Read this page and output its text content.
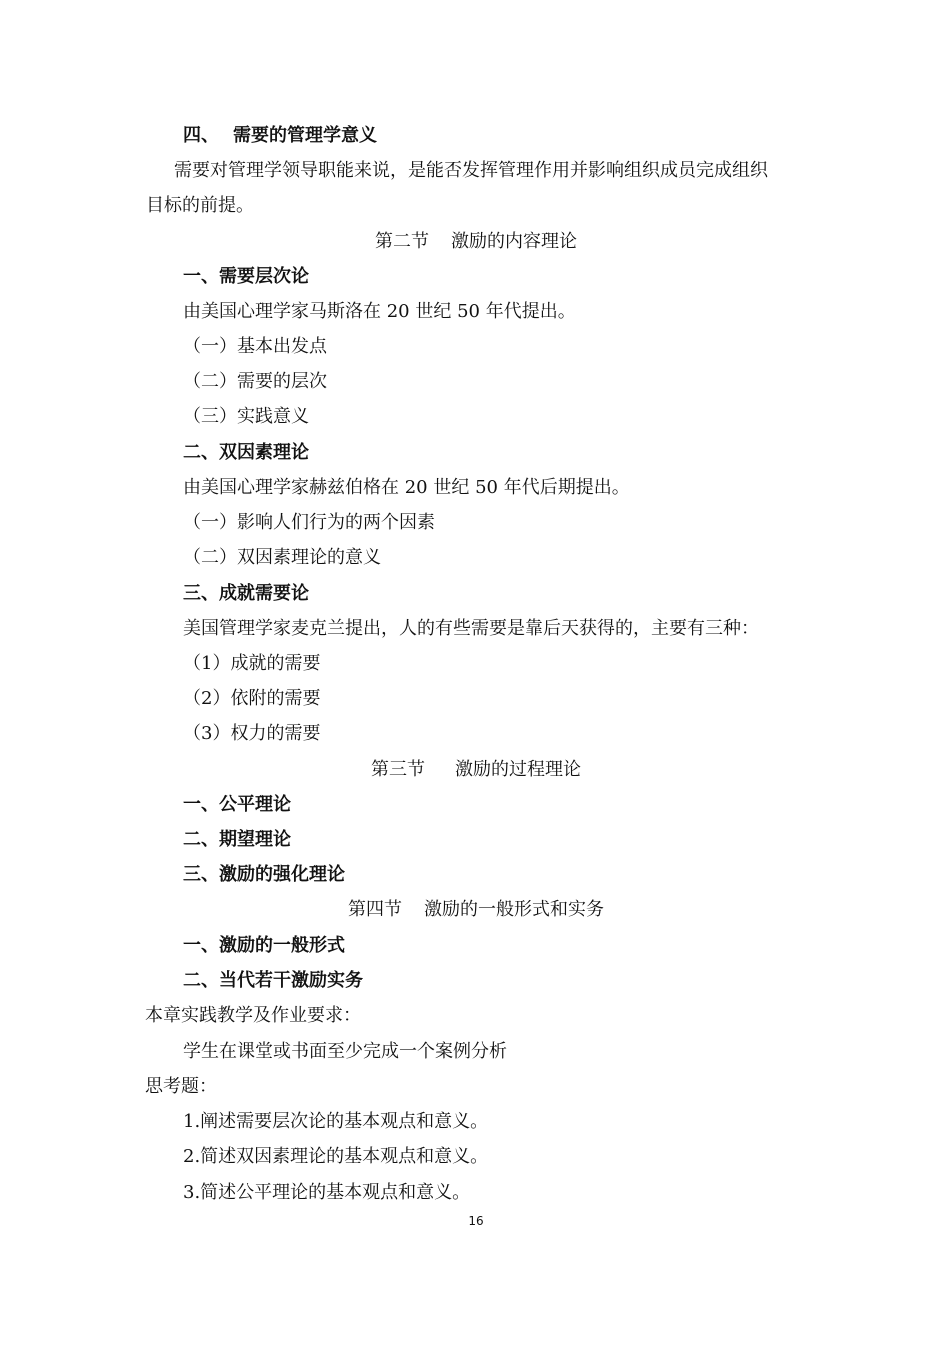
四、 需要的管理学意义
需要对管理学领导职能来说，是能否发挥管理作用并影响组织成员完成组织
目标的前提。
第二节 激励的内容理论
一、需要层次论
由美国心理学家马斯洛在 20 世纪 50 年代提出。
（一）基本出发点
（二）需要的层次
（三）实践意义
二、双因素理论
由美国心理学家赫兹伯格在 20 世纪 50 年代后期提出。
（一）影响人们行为的两个因素
（二）双因素理论的意义
三、成就需要论
美国管理学家麦克兰提出，人的有些需要是靠后天获得的，主要有三种：
（1）成就的需要
（2）依附的需要
（3）权力的需要
第三节 激励的过程理论
一、公平理论
二、期望理论
三、激励的强化理论
第四节 激励的一般形式和实务
一、激励的一般形式
二、当代若干激励实务
本章实践教学及作业要求：
学生在课堂或书面至少完成一个案例分析
思考题：
1.阐述需要层次论的基本观点和意义。
2.简述双因素理论的基本观点和意义。
3.简述公平理论的基本观点和意义。
16
